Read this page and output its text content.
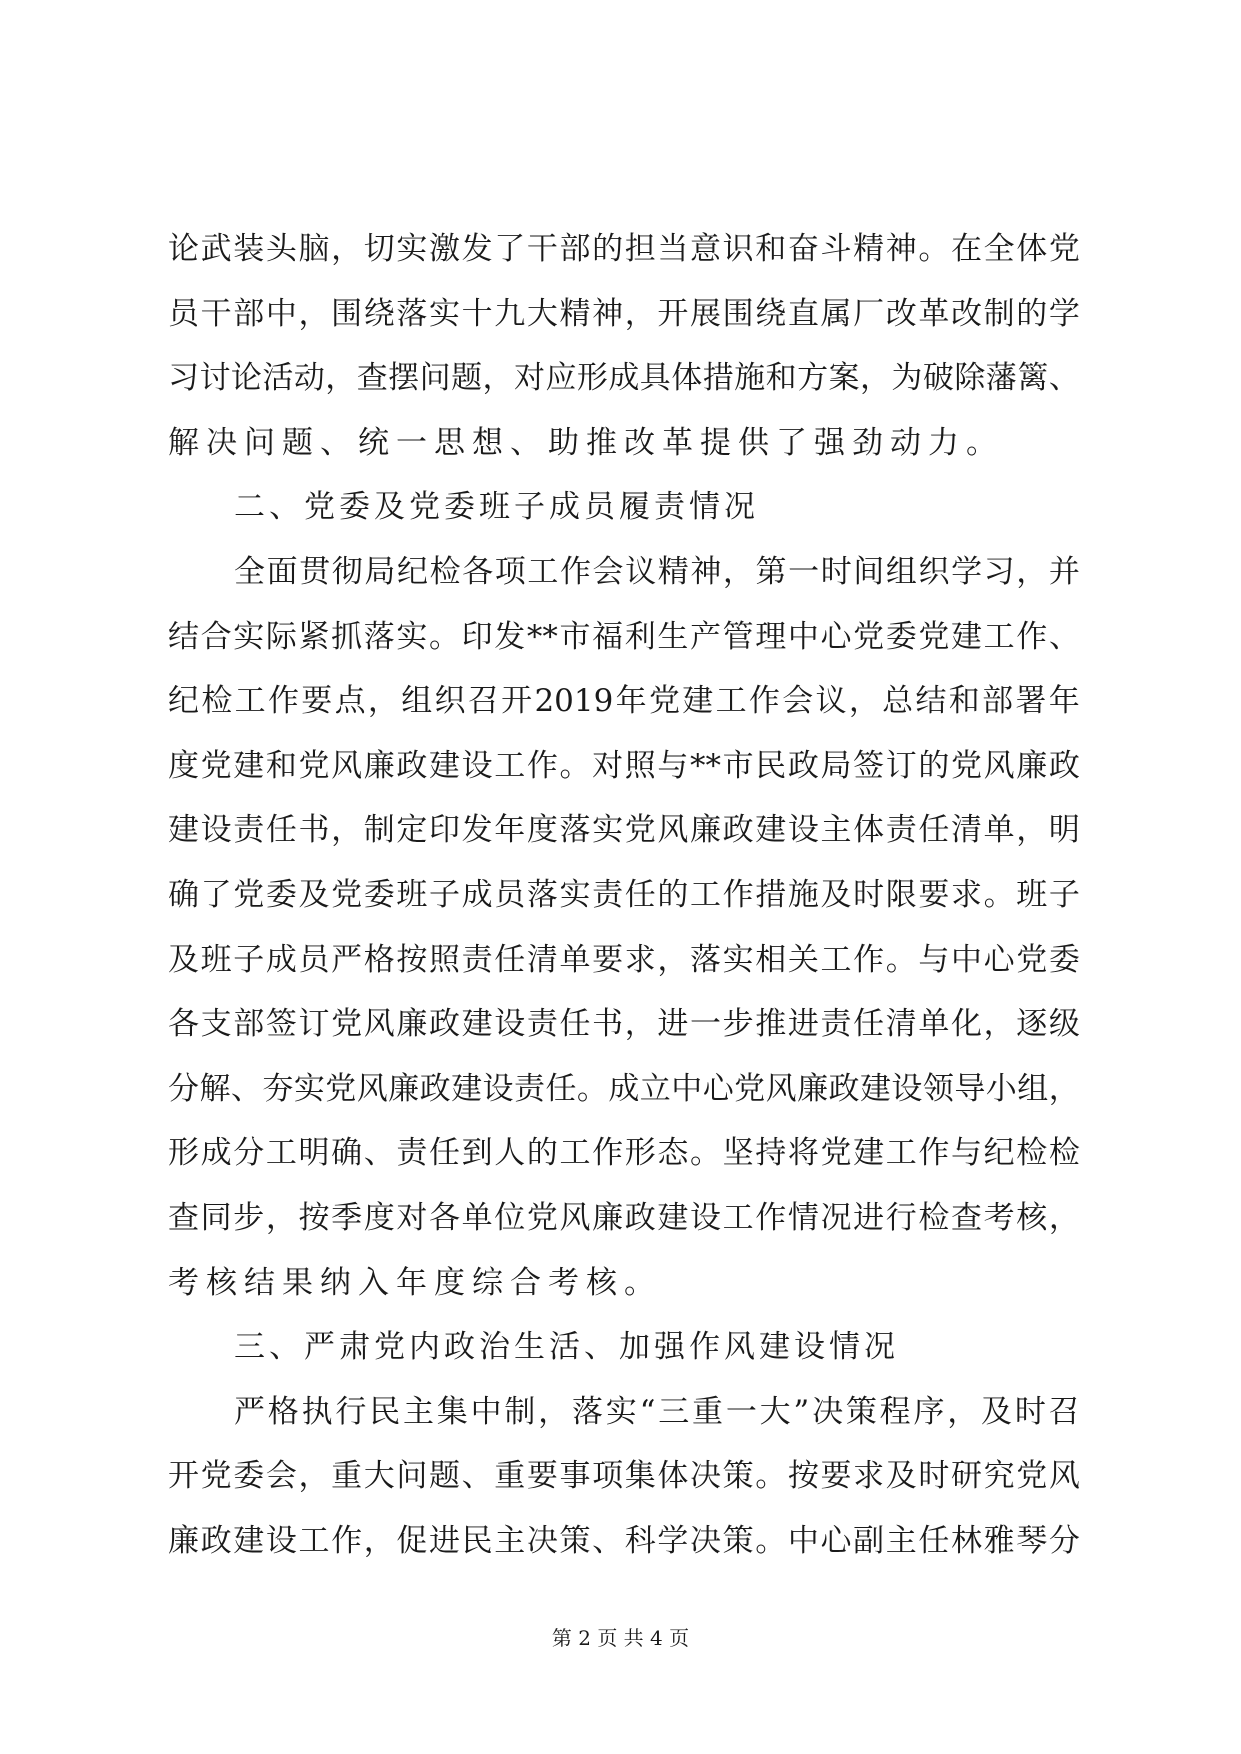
论 武 装 头 脑 ， 切 实 激 发 了 干 部 的 担 当 意 识 和 奋 斗 精 神 。 在 全 体 党
员 干 部 中 ， 围 绕 落 实 十 九 大 精 神 ， 开 展 围 绕 直 属 厂 改 革 改 制 的 学
习 讨 论 活 动 ， 查 摆 问 题 ， 对 应 形 成 具 体 措 施 和 方 案 ， 为 破 除 藩 篱 、
解决问题、统一思想、助推改革提供了强劲动力。
二、党委及党委班子成员履责情况
全 面 贯 彻 局 纪 检 各 项 工 作 会 议 精 神 ， 第 一 时 间 组 织 学 习 ， 并
结 合 实 际 紧 抓 落 实 。 印 发 ** 市 福 利 生 产 管 理 中 心 党 委 党 建 工 作 、
纪 检 工 作 要 点 ， 组 织 召 开 2019 年 党 建 工 作 会 议 ， 总 结 和 部 署 年
度 党 建 和 党 风 廉 政 建 设 工 作 。 对 照 与 ** 市 民 政 局 签 订 的 党 风 廉 政
建 设 责 任 书 ， 制 定 印 发 年 度 落 实 党 风 廉 政 建 设 主 体 责 任 清 单 ， 明
确 了 党 委 及 党 委 班 子 成 员 落 实 责 任 的 工 作 措 施 及 时 限 要 求 。 班 子
及 班 子 成 员 严 格 按 照 责 任 清 单 要 求 ， 落 实 相 关 工 作 。 与 中 心 党 委
各 支 部 签 订 党 风 廉 政 建 设 责 任 书 ， 进 一 步 推 进 责 任 清 单 化 ， 逐 级
分 解 、 夯 实 党 风 廉 政 建 设 责 任 。 成 立 中 心 党 风 廉 政 建 设 领 导 小 组 ，
形 成 分 工 明 确 、 责 任 到 人 的 工 作 形 态 。 坚 持 将 党 建 工 作 与 纪 检 检
查 同 步 ， 按 季 度 对 各 单 位 党 风 廉 政 建 设 工 作 情 况 进 行 检 查 考 核 ，
考核结果纳入年度综合考核。
三、严肃党内政治生活、加强作风建设情况
严 格 执 行 民 主 集 中 制 ， 落 实 “ 三 重 一 大 ” 决 策 程 序 ， 及 时 召
开 党 委 会 ， 重 大 问 题 、 重 要 事 项 集 体 决 策 。 按 要 求 及 时 研 究 党 风
廉 政 建 设 工 作 ， 促 进 民 主 决 策 、 科 学 决 策 。 中 心 副 主 任 林 雅 琴 分
第 2 页 共 4 页
